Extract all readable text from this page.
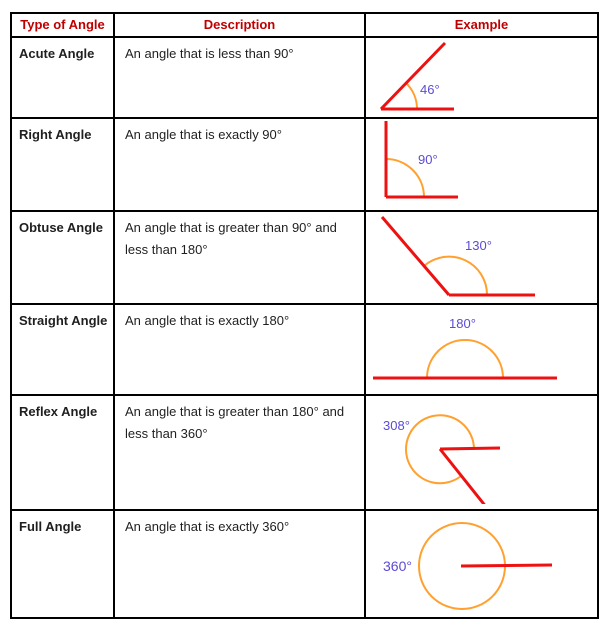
Type of Angle	Description	Example
Acute Angle	An angle that is less than 90°	46°

Right Angle	An angle that is exactly 90°	90°

Obtuse Angle	An angle that is greater than 90° and less than 180°	130°

Straight Angle	An angle that is exactly 180°	180°

Reflex Angle	An angle that is greater than 180° and less than 360°	308°

Full Angle	An angle that is exactly 360°	360°
